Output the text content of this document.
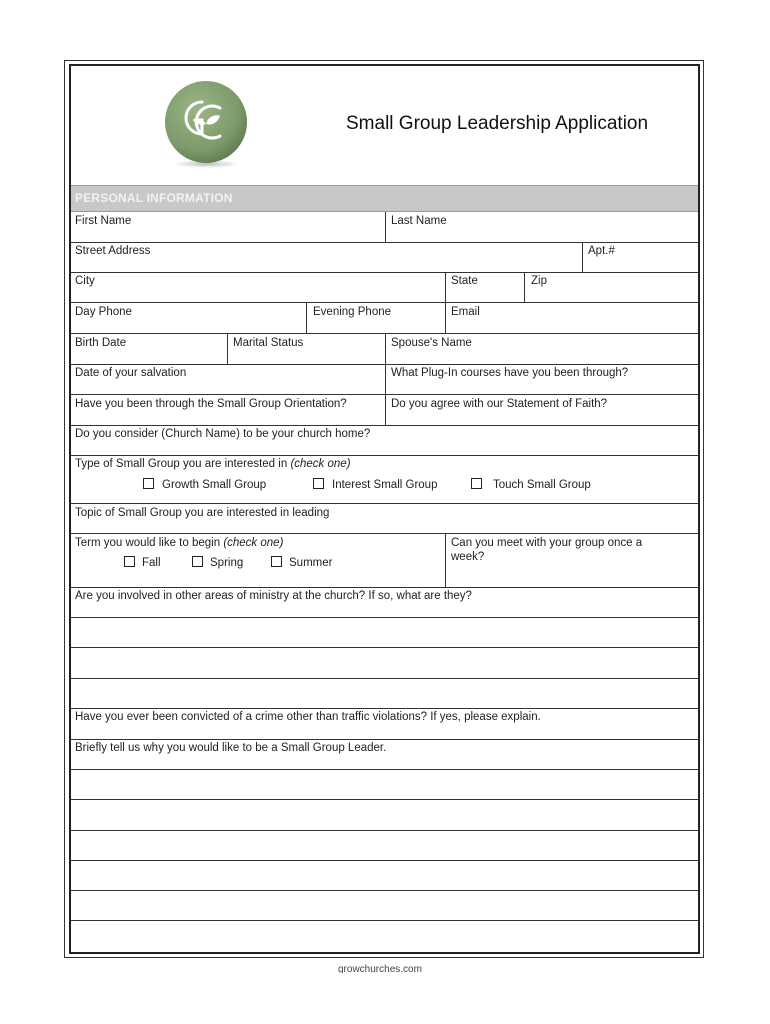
Small Group Leadership Application
PERSONAL INFORMATION
First Name	Last Name
Street Address	Apt.#
City	State	Zip
Day Phone	Evening Phone	Email
Birth Date	Marital Status	Spouse's Name
Date of your salvation	What Plug-In courses have you been through?
Have you been through the Small Group Orientation?	Do you agree with our Statement of Faith?
Do you consider (Church Name) to be your church home?
Type of Small Group you are interested in (check one)
Growth Small Group	Interest Small Group	Touch Small Group
Topic of Small Group you are interested in leading
Term you would like to begin (check one)	Can you meet with your group once a week?
Fall	Spring	Summer
Are you involved in other areas of ministry at the church? If so, what are they?
Have you ever been convicted of a crime other than traffic violations? If yes, please explain.
Briefly tell us why you would like to be a Small Group Leader.
growchurches.com
